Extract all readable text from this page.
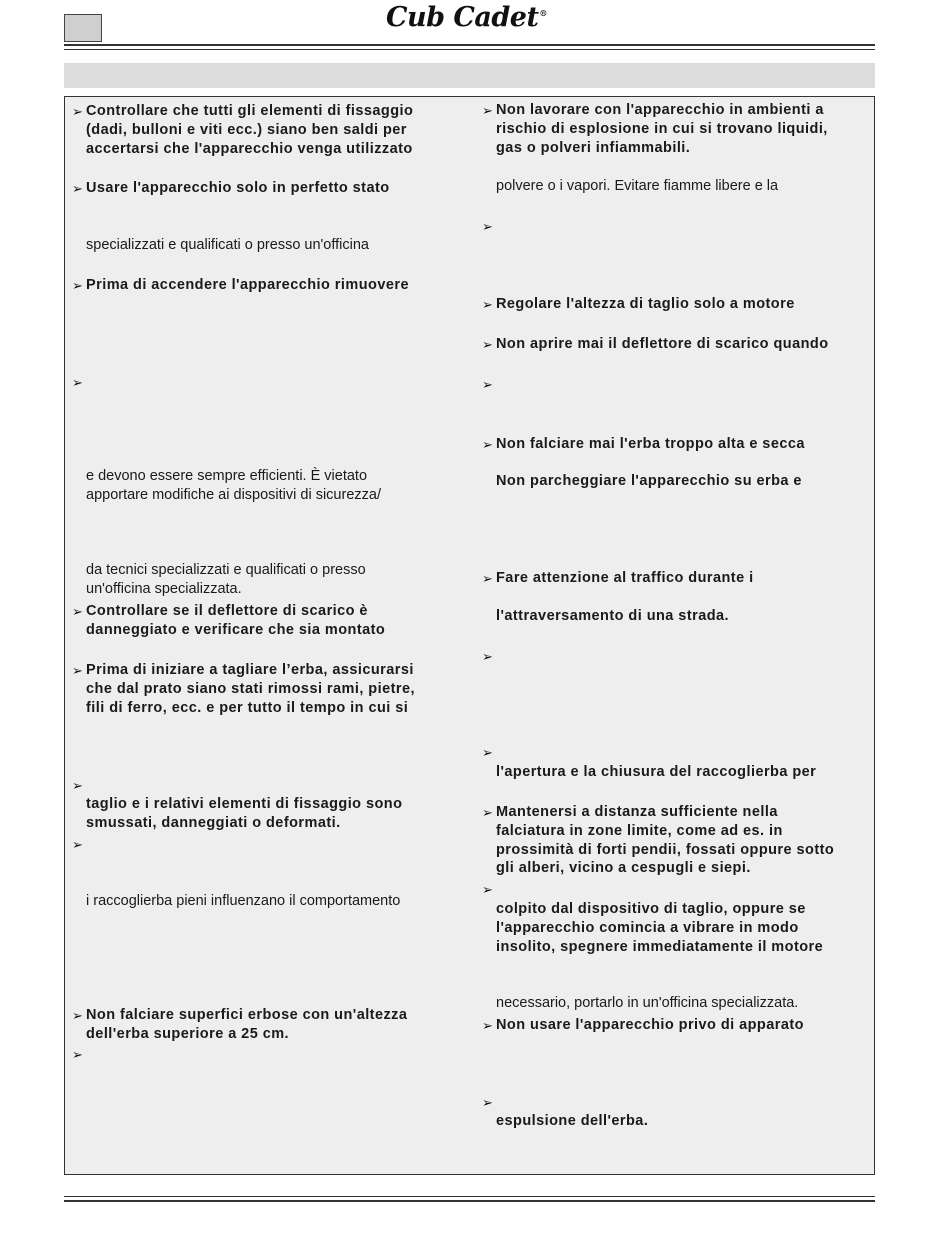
Cub Cadet®
➢ Controllare che tutti gli elementi di fissaggio
(dadi, bulloni e viti ecc.) siano ben saldi per
accertarsi che l'apparecchio venga utilizzato
➢ Usare l'apparecchio solo in perfetto stato
specializzati e qualificati o presso un'officina
➢ Prima di accendere l'apparecchio rimuovere
➢
e devono essere sempre efficienti. È vietato
apportare modifiche ai dispositivi di sicurezza/
da tecnici specializzati e qualificati o presso
un'officina specializzata.
➢ Controllare se il deflettore di scarico è
danneggiato e verificare che sia montato
➢ Prima di iniziare a tagliare l’erba, assicurarsi
che dal prato siano stati rimossi rami, pietre,
fili di ferro, ecc. e per tutto il tempo in cui si
➢
taglio e i relativi elementi di fissaggio sono
smussati, danneggiati o deformati.
➢
i raccoglierba pieni influenzano il comportamento
➢ Non falciare superfici erbose con un'altezza
dell'erba superiore a 25 cm.
➢
➢ Non lavorare con l'apparecchio in ambienti a
rischio di esplosione in cui si trovano liquidi,
gas o polveri infiammabili.
polvere o i vapori. Evitare fiamme libere e la
➢
➢ Regolare l'altezza di taglio solo a motore
➢ Non aprire mai il deflettore di scarico quando
➢
➢ Non falciare mai l'erba troppo alta e secca
Non parcheggiare l'apparecchio su erba e
➢ Fare attenzione al traffico durante i
l'attraversamento di una strada.
➢
➢
l'apertura e la chiusura del raccoglierba per
➢ Mantenersi a distanza sufficiente nella
falciatura in zone limite, come ad es. in
prossimità di forti pendii, fossati oppure sotto
gli alberi, vicino a cespugli e siepi.
➢
colpito dal dispositivo di taglio, oppure se
l'apparecchio comincia a vibrare in modo
insolito, spegnere immediatamente il motore
necessario, portarlo in un'officina specializzata.
➢ Non usare l'apparecchio privo di apparato
➢
espulsione dell'erba.
